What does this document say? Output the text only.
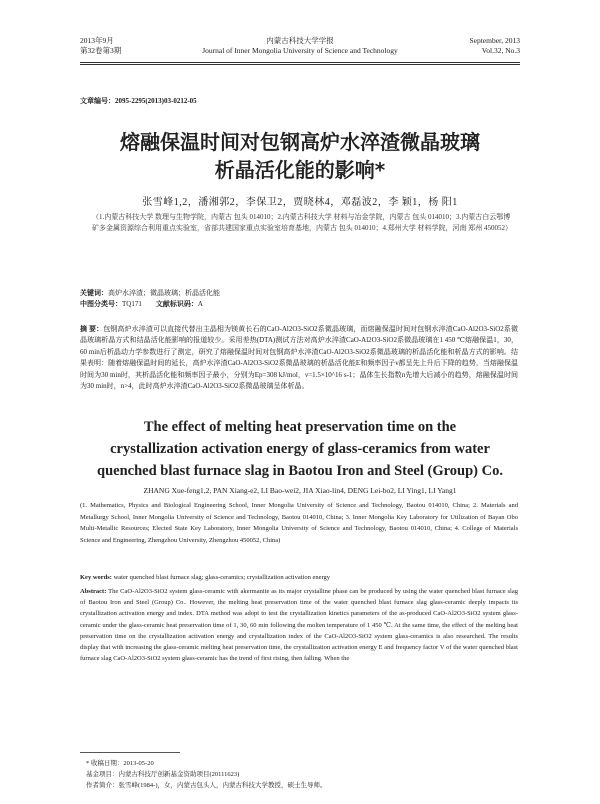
2013年9月
第32卷第3期
内蒙古科技大学学报
Journal of Inner Mongolia University of Science and Technology
September, 2013
Vol.32, No.3
文章编号：2095-2295(2013)03-0212-05
熔融保温时间对包钢高炉水淬渣微晶玻璃
析晶活化能的影响*
张雪峰1,2，潘湘郭2，李保卫2，贾晓林4，邓磊波2，李 颖1，杨 阳1
（1.内蒙古科技大学 数理与生物学院，内蒙古 包头 014010；2.内蒙古科技大学 材料与冶金学院，内蒙古 包头 014010；3.内蒙古白云鄂博矿多金属资源综合利用重点实验室，省部共建国家重点实验室培育基地，内蒙古 包头 014010；4.郑州大学 材料学院，河南 郑州 450052）
关键词：高炉水淬渣；微晶玻璃；析晶活化能
中图分类号：TQ171 文献标识码：A
摘 要：包钢高炉水淬渣可以直接代替出主晶相为镁黄长石的CaO-Al2O3-SiO2系微晶玻璃，而熔融保温时间对包钢水淬渣CaO-Al2O3-SiO2系微晶玻璃析晶方式和结晶活化能影响的报道较少。采用差热(DTA)测试方法对高炉水淬渣CaO-Al2O3-SiO2系微晶玻璃在1 450 ℃熔融保温1，30，60 min后析晶动力学参数进行了测定，研究了熔融保温时间对包钢高炉水淬渣CaO-Al2O3-SiO2系微晶玻璃的析晶活化能和析晶方式的影响。结果表明：随着熔融保温时间的延长，高炉水淬渣CaO-Al2O3-SiO2系微晶玻璃的析晶活化能E和频率因子ν都呈先上升后下降的趋势，当熔融保温时间为30 min时，其析晶活化能和频率因子最小，分别为Ep=308 kJ/mol，ν=1.5×10^16 s-1；晶体生长指数n先增大后减小的趋势，熔融保温时间为30 min时，n>4，此时高炉水淬渣CaO-Al2O3-SiO2系微晶玻璃呈体析晶。
The effect of melting heat preservation time on the
crystallization activation energy of glass-ceramics from water
quenched blast furnace slag in Baotou Iron and Steel (Group) Co.
ZHANG Xue-feng1,2, PAN Xiang-e2, LI Bao-wei2, JIA Xiao-lin4, DENG Lei-bo2, LI Ying1, LI Yang1
(1. Mathematics, Physics and Biological Engineering School, Inner Mongolia University of Science and Technology, Baotou 014010, China; 2. Materials and Metallurgy School, Inner Mongolia University of Science and Technology, Baotou 014010, China; 3. Inner Mongolia Key Laboratory for Utilization of Bayan Obo Multi-Metallic Resources; Elected State Key Laboratory, Inner Mongolia University of Science and Technology, Baotou 014010, China; 4. College of Materials Science and Engineering, Zhengzhou University, Zhengzhou 450052, China)
Key words: water quenched blast furnace slag; glass-ceramics; crystallization activation energy
Abstract: The CaO-Al2O3-SiO2 system glass-ceramic with akermanite as its major crystalline phase can be produced by using the water quenched blast furnace slag of Baotou Iron and Steel (Group) Co.. However, the melting heat preservation time of the water quenched blast furnace slag glass-ceramic deeply impacts its crystallization activation energy and index. DTA method was adopt to test the crystallization kinetics parameters of the as-produced CaO-Al2O3-SiO2 system glass-ceramic under the glass-ceramic heat preservation time of 1, 30, 60 min following the molten temperature of 1 450 ℃. At the same time, the effect of the melting heat preservation time on the crystallization activation energy and crystallization index of the CaO-Al2O3-SiO2 system glass-ceramics is also researched. The results display that with increasing the glass-ceramic melting heat preservation time, the crystallization activation energy E and frequency factor V of the water quenched blast furnace slag CaO-Al2O3-SiO2 system glass-ceramic has the trend of first rising, then falling. When the
* 收稿日期：2013-05-20
基金项目：内蒙古科技厅创新基金资助项目(20111623)
作者简介：张雪峰(1984-)，女，内蒙古包头人，内蒙古科技大学教授，硕士生导师。
